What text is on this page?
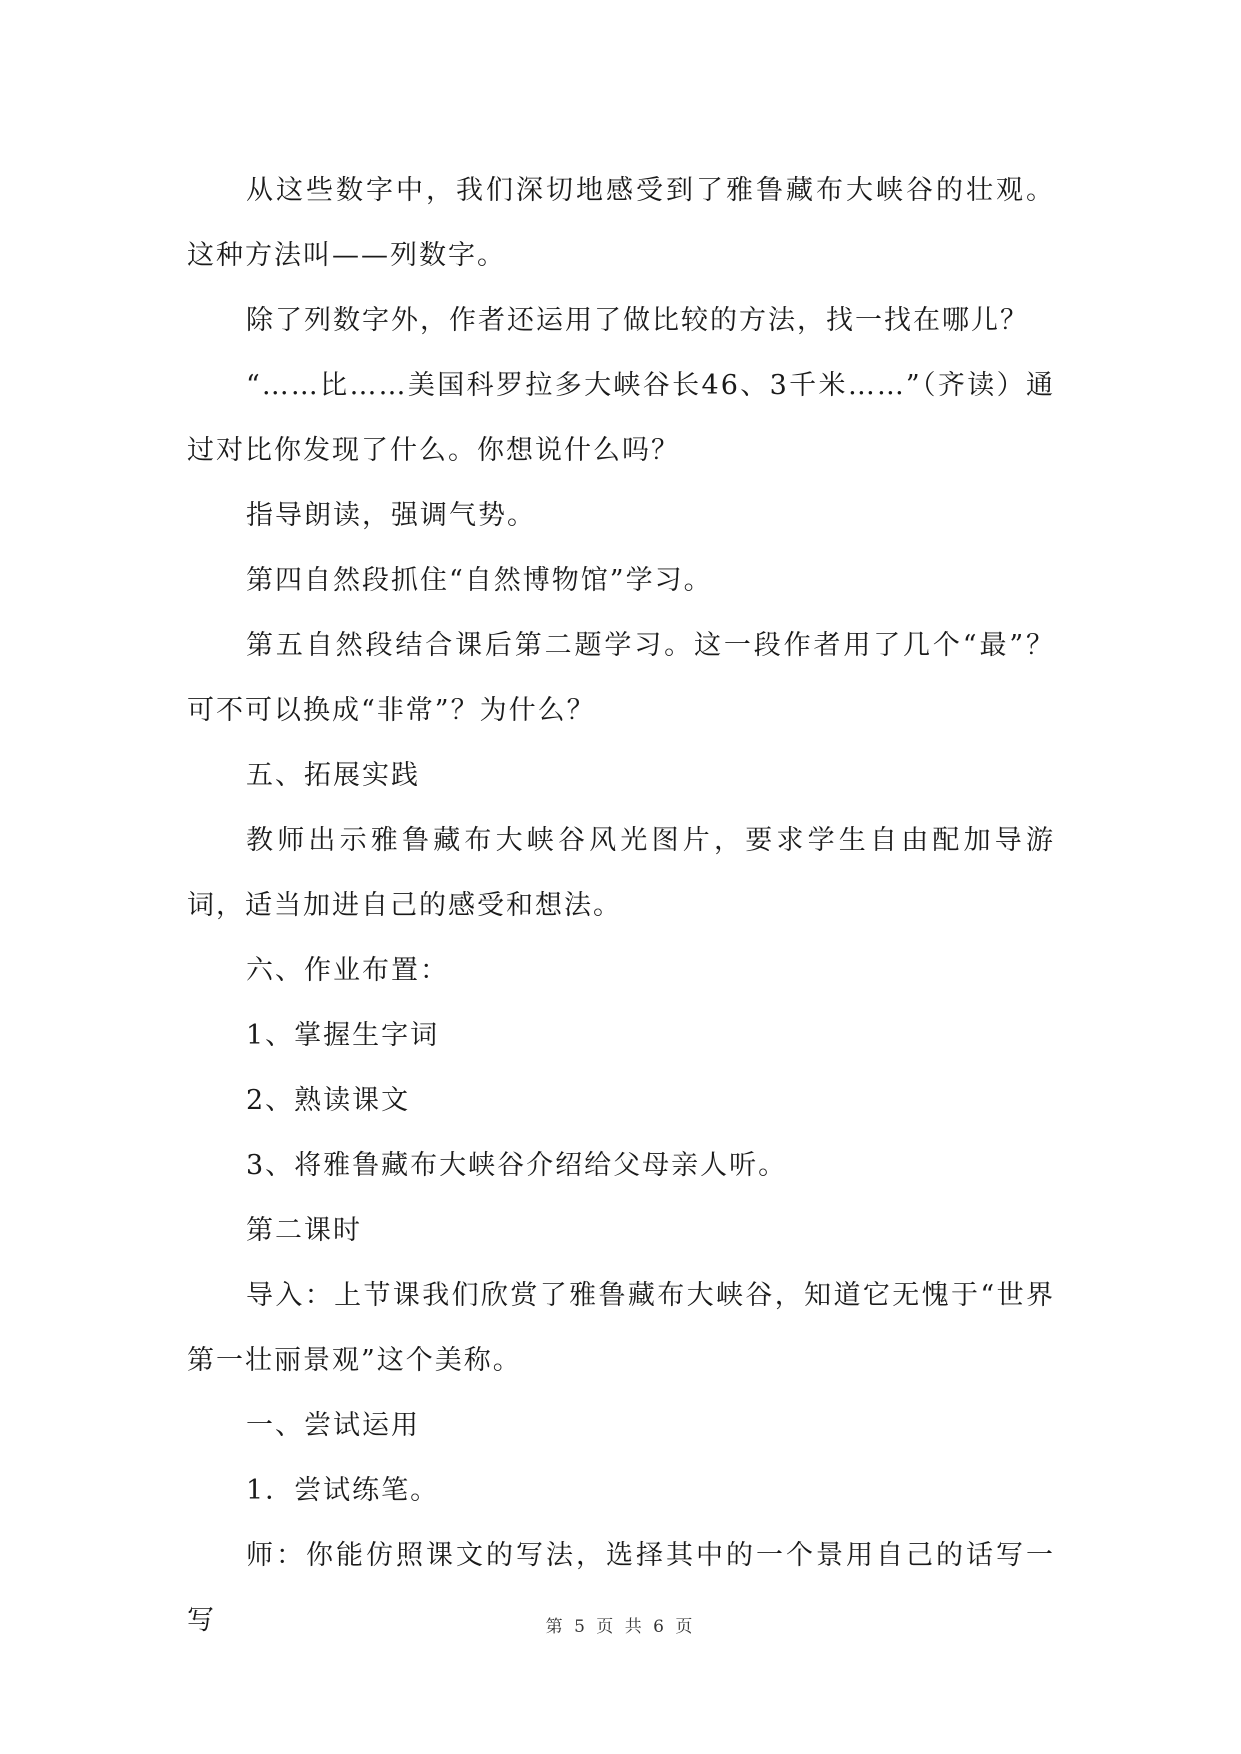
从这些数字中，我们深切地感受到了雅鲁藏布大峡谷的壮观。这种方法叫——列数字。

除了列数字外，作者还运用了做比较的方法，找一找在哪儿？

“……比……美国科罗拉多大峡谷长46、3千米……”（齐读）通过对比你发现了什么。你想说什么吗？

指导朗读，强调气势。

第四自然段抓住“自然博物馆”学习。

第五自然段结合课后第二题学习。这一段作者用了几个“最”？可不可以换成“非常”？为什么？

五、拓展实践

教师出示雅鲁藏布大峡谷风光图片，要求学生自由配加导游词，适当加进自己的感受和想法。

六、作业布置：

1、掌握生字词

2、熟读课文

3、将雅鲁藏布大峡谷介绍给父母亲人听。

第二课时

导入：上节课我们欣赏了雅鲁藏布大峡谷，知道它无愧于“世界第一壮丽景观”这个美称。

一、尝试运用

1．尝试练笔。

师：你能仿照课文的写法，选择其中的一个景用自己的话写一写	第 5 页 共 6 页
